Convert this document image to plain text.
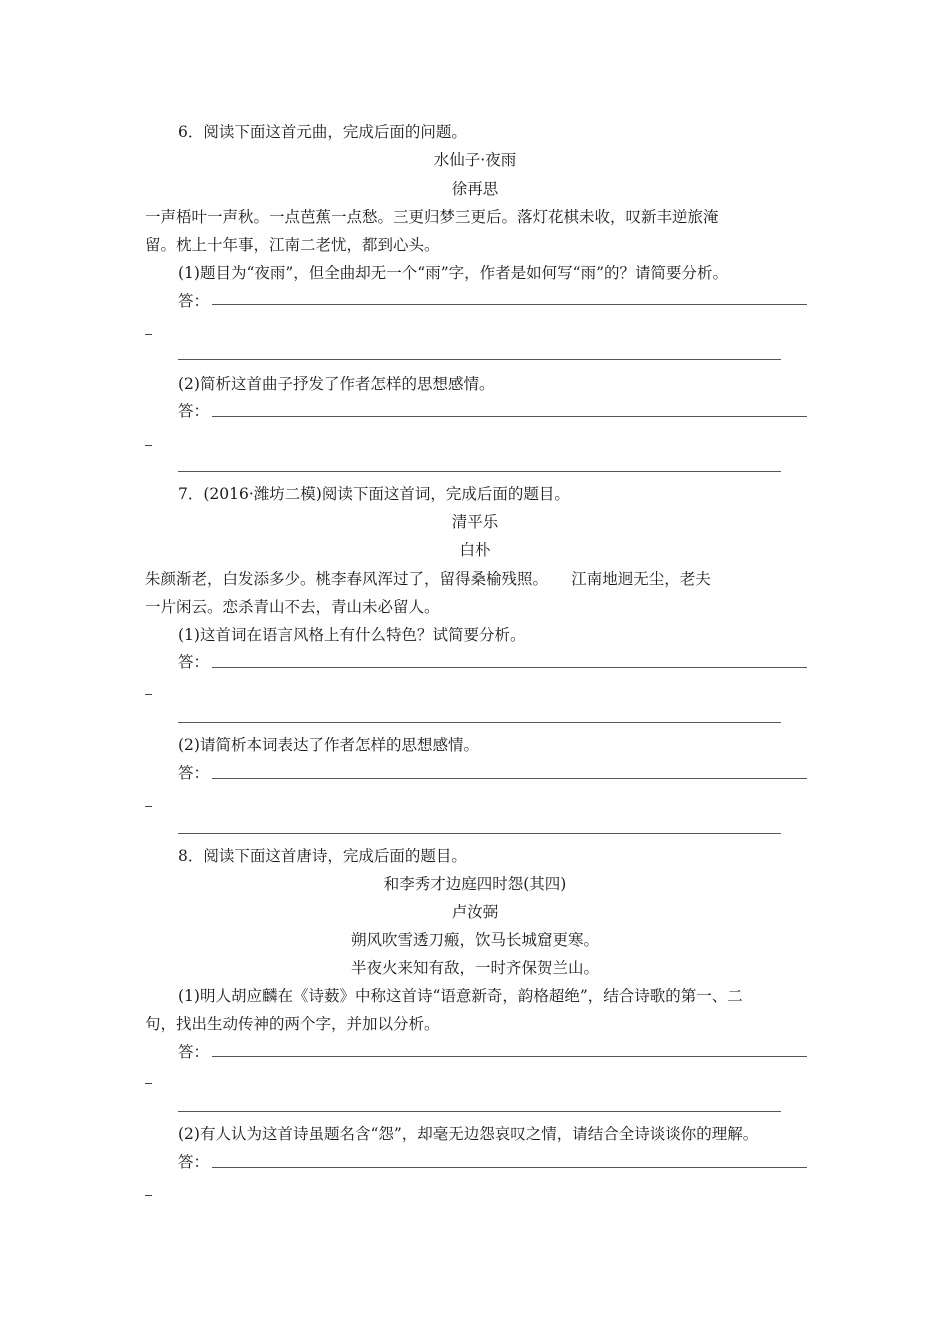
6．阅读下面这首元曲，完成后面的问题。
水仙子·夜雨
徐再思
一声梧叶一声秋。一点芭蕉一点愁。三更归梦三更后。落灯花棋未收，叹新丰逆旅淹
留。枕上十年事，江南二老忧，都到心头。
(1)题目为“夜雨”，但全曲却无一个“雨”字，作者是如何写“雨”的？请简要分析。
答：
(2)简析这首曲子抒发了作者怎样的思想感情。
答：
7．(2016·潍坊二模)阅读下面这首词，完成后面的题目。
清平乐
白朴
朱颜渐老，白发添多少。桃李春风浑过了，留得桑榆残照。　　江南地迥无尘，老夫
一片闲云。恋杀青山不去，青山未必留人。
(1)这首词在语言风格上有什么特色？试简要分析。
答：
(2)请简析本词表达了作者怎样的思想感情。
答：
8．阅读下面这首唐诗，完成后面的题目。
和李秀才边庭四时怨(其四)
卢汝弼
朔风吹雪透刀瘢，饮马长城窟更寒。
半夜火来知有敌，一时齐保贺兰山。
(1)明人胡应麟在《诗薮》中称这首诗“语意新奇，韵格超绝”，结合诗歌的第一、二
句，找出生动传神的两个字，并加以分析。
答：
(2)有人认为这首诗虽题名含“怨”，却毫无边怨哀叹之情，请结合全诗谈谈你的理解。
答：
